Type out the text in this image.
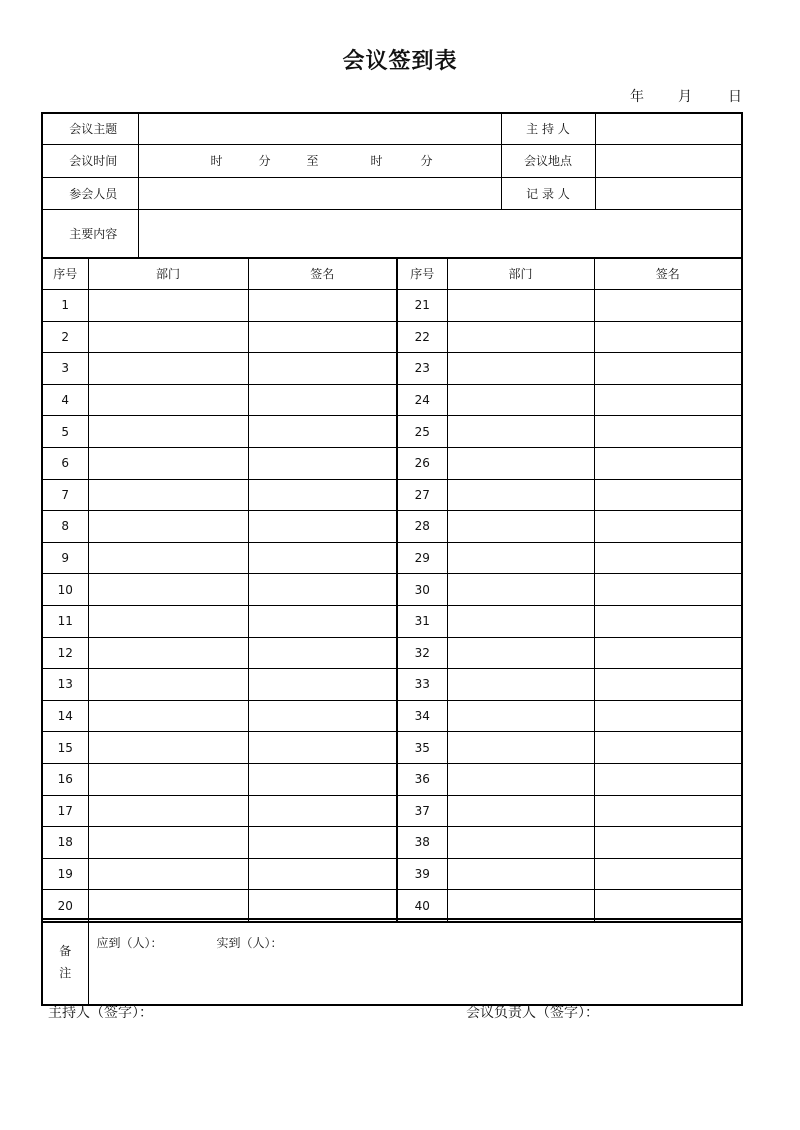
会议签到表
年 月	日
会议主题		主 持 人	
会议时间	时 分 至 时 分	会议地点	
参会人员		记 录 人	
主要内容			
序号	部门	签名	序号	部门	签名
1			21		
2			22		
3			23		
4			24		
5			25		
6			26		
7			27		
8			28		
9			29		
10			30		
11			31		
12			32		
13			33		
14			34		
15			35		
16			36		
17			37		
18			38		
19			39		
20			40		
备
注
	应到（人）：	实到（人）：
主持人（签字）：	会议负责人（签字）：
